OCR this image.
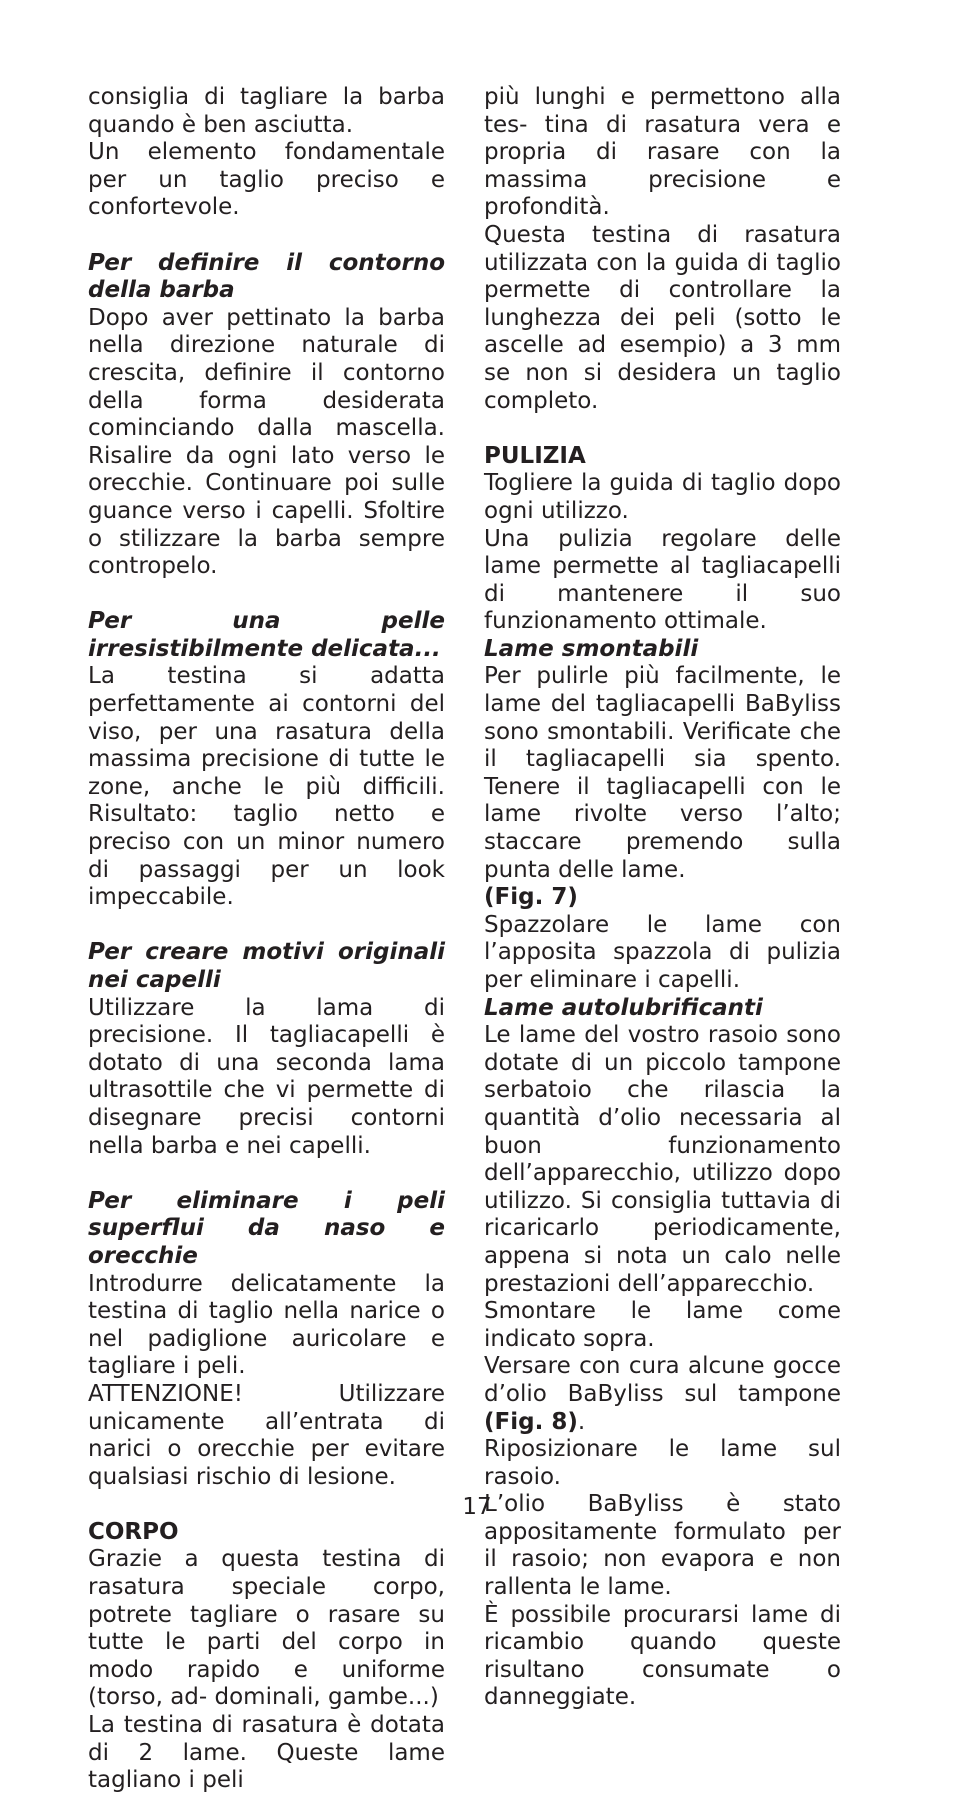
consiglia di tagliare la barba quando è ben asciutta.

Un elemento fondamentale per un taglio preciso e confortevole.

Per definire il contorno della barba

Dopo aver pettinato la barba nella direzione naturale di crescita, definire il contorno della forma desiderata cominciando dalla mascella. Risalire da ogni lato verso le orecchie. Continuare poi sulle guance verso i capelli. Sfoltire o stilizzare la barba sempre contropelo.

Per una pelle irresistibilmente delicata...

La testina si adatta perfettamente ai contorni del viso, per una rasatura della massima precisione di tutte le zone, anche le più difficili. Risultato: taglio netto e preciso con un minor numero di passaggi per un look impeccabile.

Per creare motivi originali nei capelli

Utilizzare la lama di precisione. Il tagliacapelli è dotato di una seconda lama ultrasottile che vi permette di disegnare precisi contorni nella barba e nei capelli.

Per eliminare i peli superflui da naso e orecchie

Introdurre delicatamente la testina di taglio nella narice o nel padiglione auricolare e tagliare i peli.

ATTENZIONE! Utilizzare unicamente all’entrata di narici o orecchie per evitare qualsiasi rischio di lesione.

CORPO

Grazie a questa testina di rasatura speciale corpo, potrete tagliare o rasare su tutte le parti del corpo in modo rapido e uniforme (torso, ad- dominali, gambe...)

La testina di rasatura è dotata di 2 lame. Queste lame tagliano i peli

più lunghi e permettono alla tes- tina di rasatura vera e propria di rasare con la massima precisione e profondità.

Questa testina di rasatura utilizzata con la guida di taglio permette di controllare la lunghezza dei peli (sotto le ascelle ad esempio) a 3 mm se non si desidera un taglio completo.

PULIZIA

Togliere la guida di taglio dopo ogni utilizzo.

Una pulizia regolare delle lame permette al tagliacapelli di mantenere il suo funzionamento ottimale.

Lame smontabili

Per pulirle più facilmente, le lame del tagliacapelli BaByliss sono smontabili. Verificate che il tagliacapelli sia spento. Tenere il tagliacapelli con le lame rivolte verso l’alto; staccare premendo sulla punta delle lame.

(Fig. 7)

Spazzolare le lame con l’apposita spazzola di pulizia per eliminare i capelli.

Lame autolubrificanti

Le lame del vostro rasoio sono dotate di un piccolo tampone serbatoio che rilascia la quantità d’olio necessaria al buon funzionamento dell’apparecchio, utilizzo dopo utilizzo. Si consiglia tuttavia di ricaricarlo periodicamente, appena si nota un calo nelle prestazioni dell’apparecchio.

Smontare le lame come indicato sopra.

Versare con cura alcune gocce d’olio BaByliss sul tampone (Fig. 8).

Riposizionare le lame sul rasoio.

L’olio BaByliss è stato appositamente formulato per il rasoio; non evapora e non rallenta le lame.

È possibile procurarsi lame di ricambio quando queste risultano consumate o danneggiate.

17
